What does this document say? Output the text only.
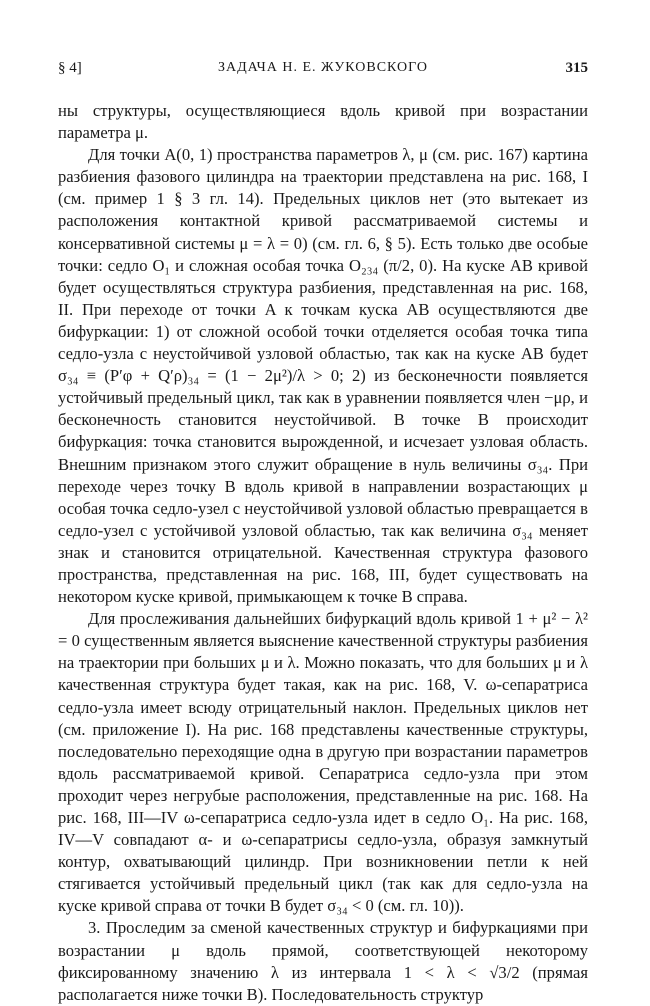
§ 4]	ЗАДАЧА Н. Е. ЖУКОВСКОГО	315

ны структуры, осуществляющиеся вдоль кривой при возрастании параметра μ.

Для точки A(0, 1) пространства параметров λ, μ (см. рис. 167) картина разбиения фазового цилиндра на траектории представлена на рис. 168, I (см. пример 1 § 3 гл. 14). Предельных циклов нет (это вытекает из расположения контактной кривой рассматриваемой системы и консервативной системы μ = λ = 0) (см. гл. 6, § 5). Есть только две особые точки: седло O₁ и сложная особая точка O₂₃₄ (π/2, 0). На куске AB кривой будет осуществляться структура разбиения, представленная на рис. 168, II. При переходе от точки A к точкам куска AB осуществляются две бифуркации: 1) от сложной особой точки отделяется особая точка типа седло-узла с неустойчивой узловой областью, так как на куске AB будет σ₃₄ ≡ (P′φ + Q′ρ)₃₄ = (1 − 2μ²)/λ > 0; 2) из бесконечности появляется устойчивый предельный цикл, так как в уравнении появляется член −μρ, и бесконечность становится неустойчивой. В точке B происходит бифуркация: точка становится вырожденной, и исчезает узловая область. Внешним признаком этого служит обращение в нуль величины σ₃₄. При переходе через точку B вдоль кривой в направлении возрастающих μ особая точка седло-узел с неустойчивой узловой областью превращается в седло-узел с устойчивой узловой областью, так как величина σ₃₄ меняет знак и становится отрицательной. Качественная структура фазового пространства, представленная на рис. 168, III, будет существовать на некотором куске кривой, примыкающем к точке B справа.

Для прослеживания дальнейших бифуркаций вдоль кривой 1 + μ² − λ² = 0 существенным является выяснение качественной структуры разбиения на траектории при больших μ и λ. Можно показать, что для больших μ и λ качественная структура будет такая, как на рис. 168, V. ω-сепаратриса седло-узла имеет всюду отрицательный наклон. Предельных циклов нет (см. приложение I). На рис. 168 представлены качественные структуры, последовательно переходящие одна в другую при возрастании параметров вдоль рассматриваемой кривой. Сепаратриса седло-узла при этом проходит через негрубые расположения, представленные на рис. 168. На рис. 168, III—IV ω-сепаратриса седло-узла идет в седло O₁. На рис. 168, IV—V совпадают α- и ω-сепаратрисы седло-узла, образуя замкнутый контур, охватывающий цилиндр. При возникновении петли к ней стягивается устойчивый предельный цикл (так как для седло-узла на куске кривой справа от точки B будет σ₃₄ < 0 (см. гл. 10)).

3. Проследим за сменой качественных структур и бифуркациями при возрастании μ вдоль прямой, соответствующей некоторому фиксированному значению λ из интервала 1 < λ < √3/2 (прямая располагается ниже точки B). Последовательность структур
